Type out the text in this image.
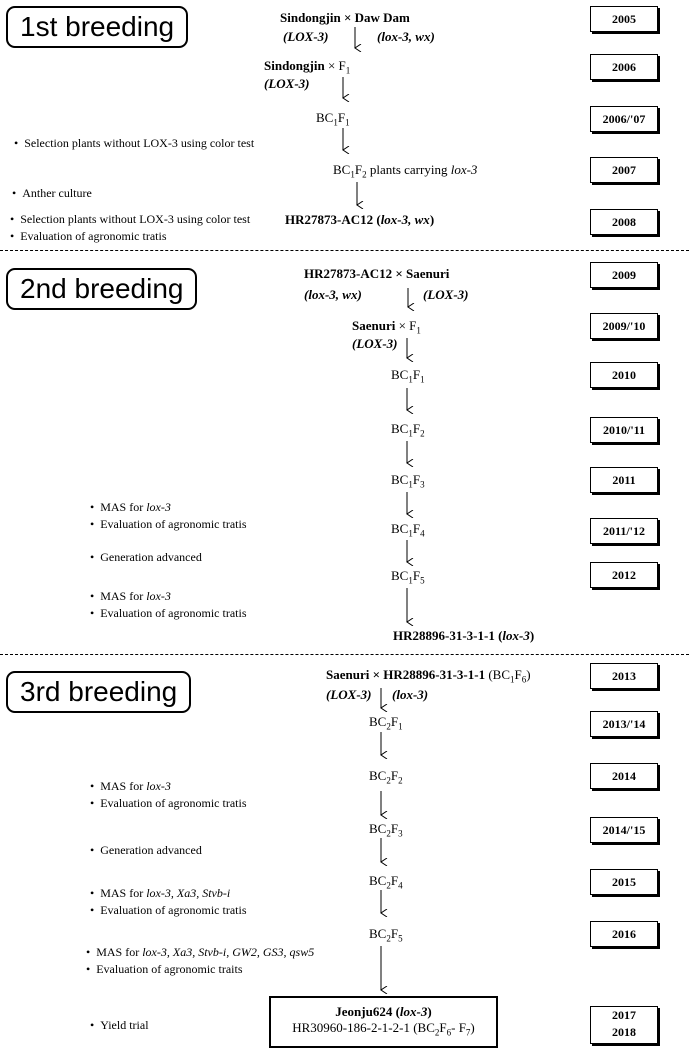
1st breeding
2nd breeding
3rd breeding
2005
2006
2006/'07
2007
2008
2009
2009/'10
2010
2010/'11
2011
2011/'12
2012
2013
2013/'14
2014
2014/'15
2015
2016
2017
2018
Sindongjin × Daw Dam
(LOX-3)	(lox-3, wx)
Sindongjin × $F_1$
(LOX-3)
$BC_1F_1$
$BC_1F_2$ plants carrying lox-3
HR27873-AC12 (lox-3, wx)
• Selection plants without LOX-3 using color test
• Anther culture
• Selection plants without LOX-3 using color test
• Evaluation of agronomic tratis
HR27873-AC12 × Saenuri
(lox-3, wx)	(LOX-3)
Saenuri × $F_1$
(LOX-3)
$BC_1F_1$
$BC_1F_2$
$BC_1F_3$
$BC_1F_4$
$BC_1F_5$
HR28896-31-3-1-1 (lox-3)
• MAS for lox-3
• Evaluation of agronomic tratis
• Generation advanced
• MAS for lox-3
• Evaluation of agronomic tratis
Saenuri × HR28896-31-3-1-1 $(BC_1F_6)$
(LOX-3) (lox-3)
$BC_2F_1$
$BC_2F_2$
$BC_2F_3$
$BC_2F_4$
$BC_2F_5$
• MAS for lox-3
• Evaluation of agronomic tratis
• Generation advanced
• MAS for lox-3, Xa3, Stvb-i
• Evaluation of agronomic tratis
• MAS for lox-3, Xa3, Stvb-i, GW2, GS3, qsw5
• Evaluation of agronomic traits
• Yield trial
Jeonju624 (lox-3)
HR30960-186-2-1-2-1 ($BC_2F_6-$ $F_7$)
